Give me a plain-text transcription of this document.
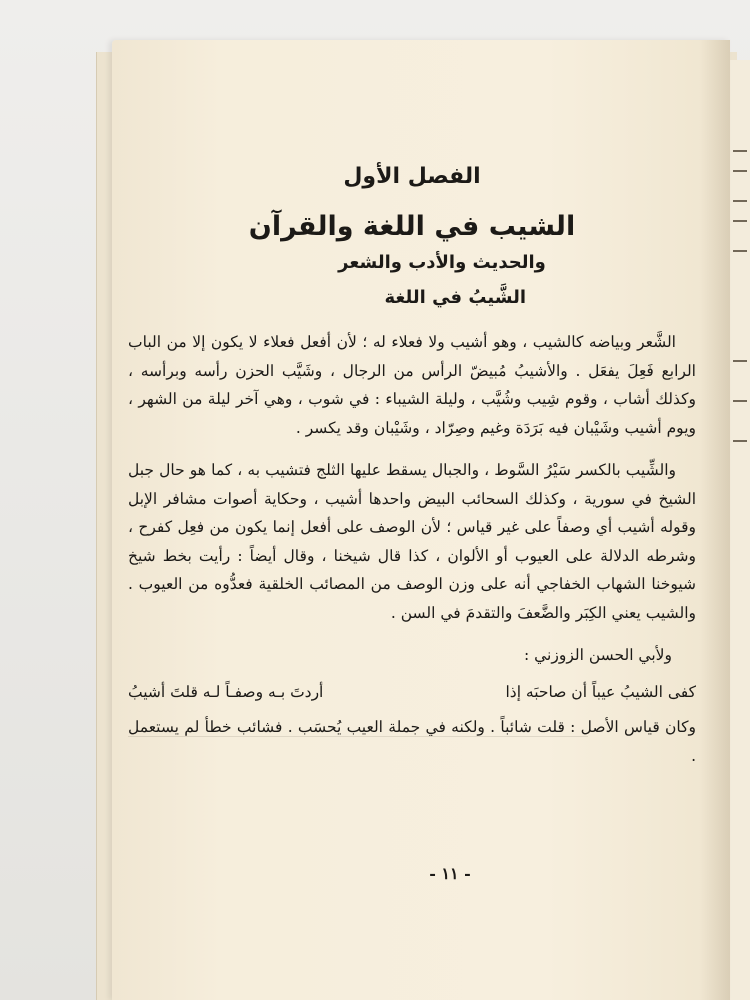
الفصل الأول
الشيب في اللغة والقرآن
والحديث والأدب والشعر
الشَّيبُ في اللغة

الشَّعر وبياضه كالشيب ، وهو أشيب ولا فعلاء له ؛ لأن أفعل فعلاء لا يكون إلا من الباب الرابع فَعِلَ يفعَل . والأشيبُ مُبيضّ الرأس من الرجال ، وشَيَّب الحزن رأسه وبرأسه ، وكذلك أشاب ، وقوم شِيب وشُيَّب ، وليلة الشيباء : في شوب ، وهي آخر ليلة من الشهر ، ويوم أشيب وشَيْبان فيه بَرَدَة وغيم وصِرّاد ، وشَيْبان وقد يكسر .

والشِّيب بالكسر سَيْرُ السَّوط ، والجبال يسقط عليها الثلج فتشيب به ، كما هو حال جبل الشيخ في سورية ، وكذلك السحائب البيض واحدها أشيب ، وحكاية أصوات مشافر الإبل وقوله أشيب أي وصفاً على غير قياس ؛ لأن الوصف على أفعل إنما يكون من فعِل كفرح ، وشرطه الدلالة على العيوب أو الألوان ، كذا قال شيخنا ، وقال أيضاً : رأيت بخط شيخ شيوخنا الشهاب الخفاجي أنه على وزن الوصف من المصائب الخلقية فعدُّوه من العيوب . والشيب يعني الكِبَر والضَّعفَ والتقدمَ في السن .

ولأبي الحسن الزوزني :
كفى الشيبُ عيباً أن صاحبَه إذا
أردتَ بـه وصفـاً لـه قلتَ أشيبُ

وكان قياس الأصل : قلت شائباً . ولكنه في جملة العيب يُحسَب . فشائب خطأ لم يستعمل .

- ١١ -
